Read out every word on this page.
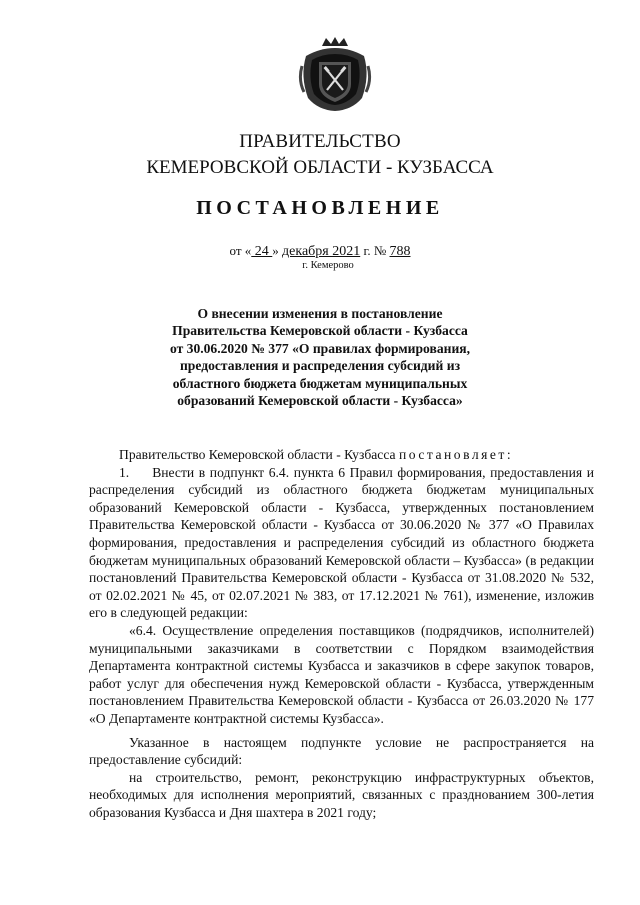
ПРАВИТЕЛЬСТВО
КЕМЕРОВСКОЙ ОБЛАСТИ - КУЗБАССА
ПОСТАНОВЛЕНИЕ
от « 24 » декабря 2021 г. № 788
г. Кемерово
О внесении изменения в постановление
Правительства Кемеровской области - Кузбасса
от 30.06.2020 № 377 «О правилах формирования,
предоставления и распределения субсидий из
областного бюджета бюджетам муниципальных
образований Кемеровской области - Кузбасса»

Правительство Кемеровской области - Кузбасса постановляет:

1.     Внести в подпункт 6.4. пункта 6 Правил формирования, предоставления и распределения субсидий из областного бюджета бюджетам муниципальных образований Кемеровской области - Кузбасса, утвержденных постановлением Правительства Кемеровской области - Кузбасса от 30.06.2020 № 377 «О Правилах формирования, предоставления и распределения субсидий из областного бюджета бюджетам муниципальных образований Кемеровской области – Кузбасса» (в редакции постановлений Правительства Кемеровской области - Кузбасса от 31.08.2020 № 532, от 02.02.2021 № 45, от 02.07.2021 № 383, от 17.12.2021 № 761), изменение, изложив его в следующей редакции:

«6.4. Осуществление определения поставщиков (подрядчиков, исполнителей) муниципальными заказчиками в соответствии с Порядком взаимодействия Департамента контрактной системы Кузбасса и заказчиков в сфере закупок товаров, работ услуг для обеспечения нужд Кемеровской области - Кузбасса, утвержденным постановлением Правительства Кемеровской области - Кузбасса от 26.03.2020 № 177 «О Департаменте контрактной системы Кузбасса».

Указанное в настоящем подпункте условие не распространяется на предоставление субсидий:

на строительство, ремонт, реконструкцию инфраструктурных объектов, необходимых для исполнения мероприятий, связанных с празднованием 300-летия образования Кузбасса и Дня шахтера в 2021 году;
